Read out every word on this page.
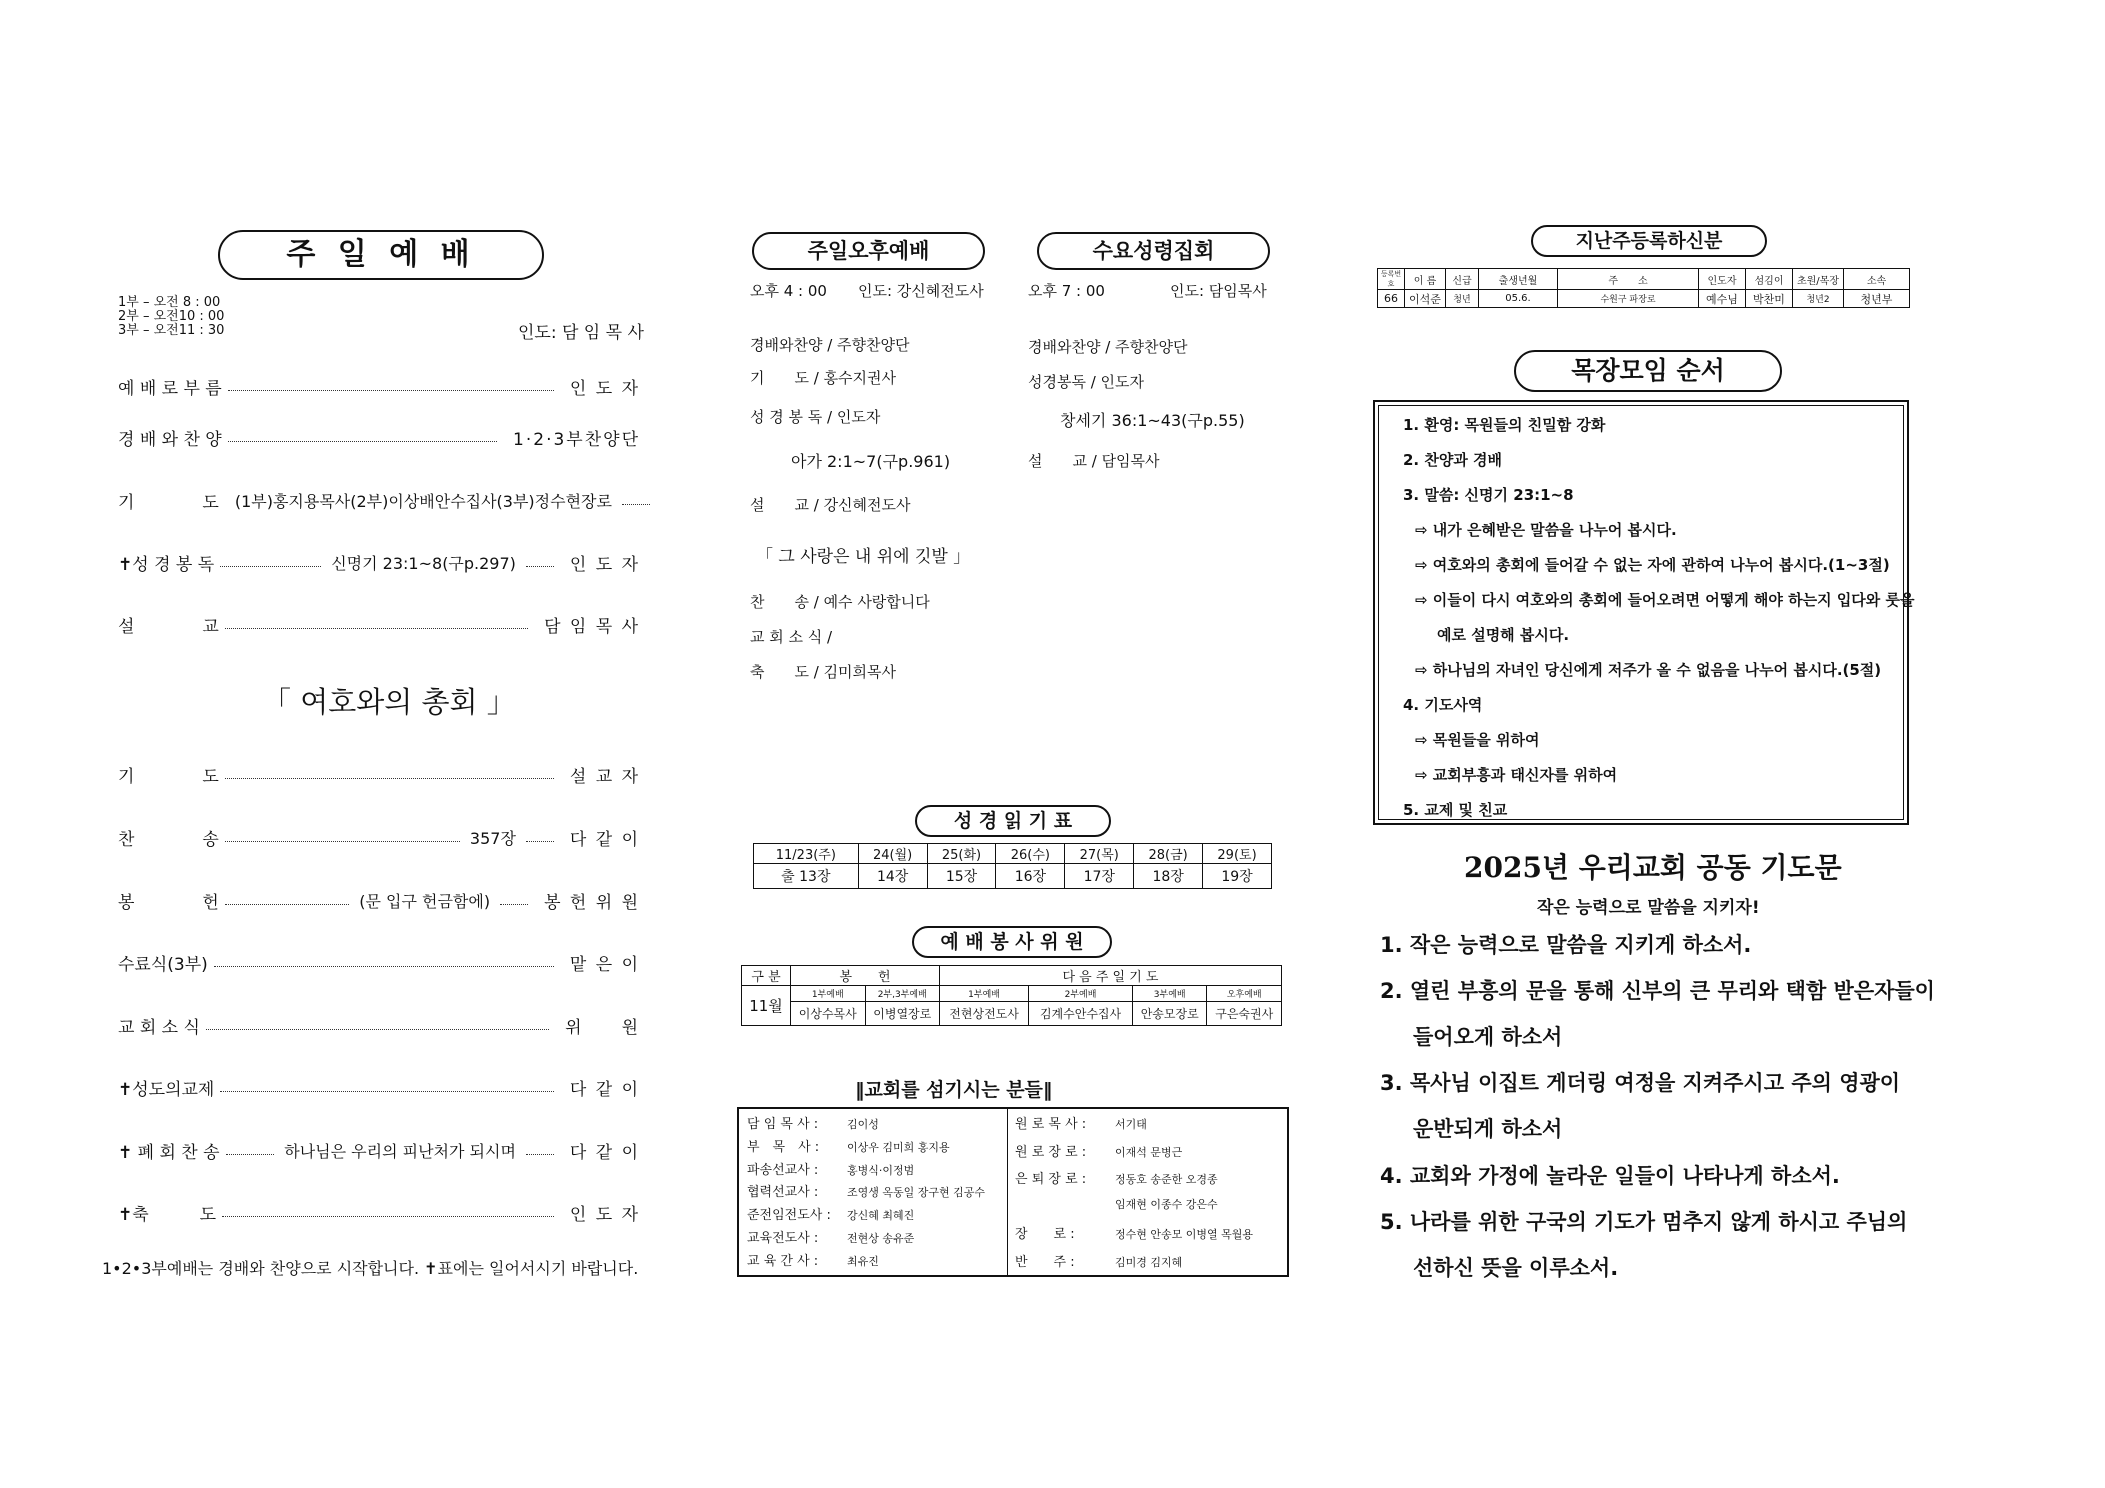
주 일 예 배
1부 – 오전 8 : 00
2부 – 오전10 : 00
3부 – 오전11 : 30	인도: 담 임 목 사
예 배 로 부 름	인 도 자
경 배 와 찬 양	1·2·3부찬양단
기　　　　도 (1부)홍지용목사(2부)이상배안수집사(3부)정수현장로
✝성 경 봉 독	신명기 23:1~8(구p.297)	인 도 자
설　　　　교	담 임 목 사
「 여호와의 총회 」
기　　　　도	설 교 자
찬　　　　송	357장	다 같 이
봉　　　　헌	(문 입구 헌금함에)	봉 헌 위 원
수료식(3부)	맡 은 이
교 회 소 식	위　　원
✝성도의교제	다 같 이
✝ 폐 회 찬 송	하나님은 우리의 피난처가 되시며	다 같 이
✝축　　　도	인 도 자
1•2•3부예배는 경배와 찬양으로 시작합니다. ✝표에는 일어서시기 바랍니다.
주일오후예배
오후 4 : 00 인도: 강신혜전도사
경배와찬양 / 주향찬양단
기　　도 / 홍수지권사
성 경 봉 독 / 인도자
아가 2:1~7(구p.961)
설　　교 / 강신혜전도사
「 그 사랑은 내 위에 깃발 」
찬　　송 / 예수 사랑합니다
교 회 소 식 /
축　　도 / 김미희목사
수요성령집회
오후 7 : 00	인도: 담임목사
경배와찬양 / 주향찬양단
성경봉독 / 인도자
창세기 36:1~43(구p.55)
설　　교 / 담임목사
성 경 읽 기 표
11/23(주)	24(월)	25(화)	26(수)	27(목)	28(금)	29(토)
출 13장	14장	15장	16장	17장	18장	19장
예 배 봉 사 위 원
구 분	봉　　헌		다 음 주 일 기 도			
11월	1부예배	2부,3부예배	1부예배	2부예배	3부예배	오후예배
	이상수목사	이병열장로	전현상전도사	김계수안수집사	안송모장로	구은숙권사
‖교회를 섬기시는 분들‖
담 임 목 사 :	김이성
부　목　사 :	이상우 김미희 홍지용
파송선교사 :	홍병식·이정범
협력선교사 :	조영생 옥동일 장구현 김공수
준전임전도사 : 강신혜 최혜진
교육전도사 :	전현상 송유준
교 육 간 사 :	최유진
원 로 목 사 :	서기태
원 로 장 로 :	이재석 문병근
은 퇴 장 로 :	정동호 송준한 오경종
임재현 이종수 강은수
장　　로 :	정수현 안송모 이병열 목월용
반　　주 :	김미경 김지혜
지난주등록하신분
등록번호	이 름	신급	출생년월	주　　소	인도자	섬김이	초원/목장	소속
66	이석준	청년	05.6.	수원구 파장로	예수님	박찬미	청년2	청년부
목장모임 순서
1. 환영: 목원들의 친밀함 강화
2. 찬양과 경배
3. 말씀: 신명기 23:1~8
⇨ 내가 은혜받은 말씀을 나누어 봅시다.
⇨ 여호와의 총회에 들어갈 수 없는 자에 관하여 나누어 봅시다.(1~3절)
⇨ 이들이 다시 여호와의 총회에 들어오려면 어떻게 해야 하는지 입다와 룻을
예로 설명해 봅시다.
⇨ 하나님의 자녀인 당신에게 저주가 올 수 없음을 나누어 봅시다.(5절)
4. 기도사역
⇨ 목원들을 위하여
⇨ 교회부흥과 태신자를 위하여
5. 교제 및 친교
2025년 우리교회 공동 기도문
작은 능력으로 말씀을 지키자!
1. 작은 능력으로 말씀을 지키게 하소서.
2. 열린 부흥의 문을 통해 신부의 큰 무리와 택함 받은자들이
들어오게 하소서
3. 목사님 이집트 게더링 여정을 지켜주시고 주의 영광이
운반되게 하소서
4. 교회와 가정에 놀라운 일들이 나타나게 하소서.
5. 나라를 위한 구국의 기도가 멈추지 않게 하시고 주님의
선하신 뜻을 이루소서.
